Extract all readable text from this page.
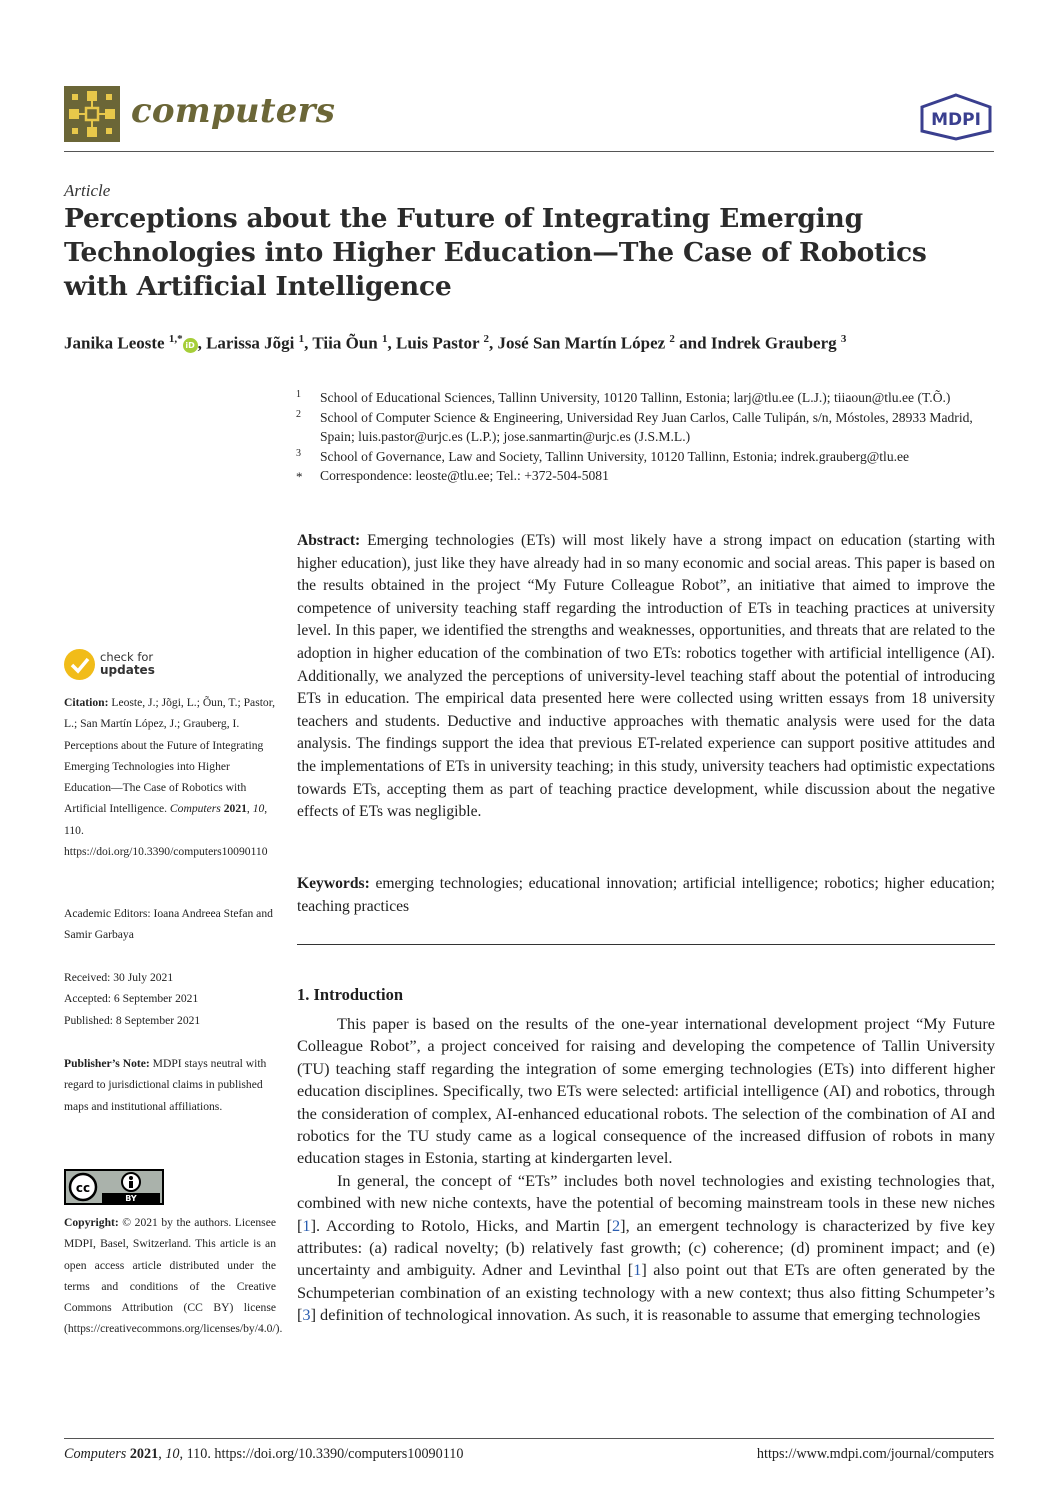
computers	MDPI
Article
Perceptions about the Future of Integrating Emerging Technologies into Higher Education—The Case of Robotics with Artificial Intelligence
Janika Leoste $^{1,*}$iD , Larissa Jõgi $^1$, Tiia Õun $^1$, Luis Pastor $^2$, José San Martín López $^2$ and Indrek Grauberg $^3$
1 School of Educational Sciences, Tallinn University, 10120 Tallinn, Estonia; larj@tlu.ee (L.J.); tiiaoun@tlu.ee (T.Õ.)
2 School of Computer Science & Engineering, Universidad Rey Juan Carlos, Calle Tulipán, s/n, Móstoles, 28933 Madrid, Spain; luis.pastor@urjc.es (L.P.); jose.sanmartin@urjc.es (J.S.M.L.)
3 School of Governance, Law and Society, Tallinn University, 10120 Tallinn, Estonia; indrek.grauberg@tlu.ee
* Correspondence: leoste@tlu.ee; Tel.: +372-504-5081
Abstract: Emerging technologies (ETs) will most likely have a strong impact on education (starting with higher education), just like they have already had in so many economic and social areas. This paper is based on the results obtained in the project “My Future Colleague Robot”, an initiative that aimed to improve the competence of university teaching staff regarding the introduction of ETs in teaching practices at university level. In this paper, we identified the strengths and weaknesses, opportunities, and threats that are related to the adoption in higher education of the combination of two ETs: robotics together with artificial intelligence (AI). Additionally, we analyzed the perceptions of university-level teaching staff about the potential of introducing ETs in education. The empirical data presented here were collected using written essays from 18 university teachers and students. Deductive and inductive approaches with thematic analysis were used for the data analysis. The findings support the idea that previous ET-related experience can support positive attitudes and the implementations of ETs in university teaching; in this study, university teachers had optimistic expectations towards ETs, accepting them as part of teaching practice development, while discussion about the negative effects of ETs was negligible.
Keywords: emerging technologies; educational innovation; artificial intelligence; robotics; higher education; teaching practices
1. Introduction

This paper is based on the results of the one-year international development project “My Future Colleague Robot”, a project conceived for raising and developing the competence of Tallin University (TU) teaching staff regarding the integration of some emerging technologies (ETs) into different higher education disciplines. Specifically, two ETs were selected: artificial intelligence (AI) and robotics, through the consideration of complex, AI-enhanced educational robots. The selection of the combination of AI and robotics for the TU study came as a logical consequence of the increased diffusion of robots in many education stages in Estonia, starting at kindergarten level.

In general, the concept of “ETs” includes both novel technologies and existing technologies that, combined with new niche contexts, have the potential of becoming mainstream tools in these new niches [1]. According to Rotolo, Hicks, and Martin [2], an emergent technology is characterized by five key attributes: (a) radical novelty; (b) relatively fast growth; (c) coherence; (d) prominent impact; and (e) uncertainty and ambiguity. Adner and Levinthal [1] also point out that ETs are often generated by the Schumpeterian combination of an existing technology with a new context; thus also fitting Schumpeter’s [3] definition of technological innovation. As such, it is reasonable to assume that emerging technologies

check for
updates
Citation: Leoste, J.; Jõgi, L.; Õun, T.; Pastor, L.; San Martín López, J.; Grauberg, I. Perceptions about the Future of Integrating Emerging Technologies into Higher Education—The Case of Robotics with Artificial Intelligence. Computers 2021, 10, 110. https://doi.org/10.3390/computers10090110
Academic Editors: Ioana Andreea Stefan and Samir Garbaya
Received: 30 July 2021
Accepted: 6 September 2021
Published: 8 September 2021
Publisher’s Note: MDPI stays neutral with regard to jurisdictional claims in published maps and institutional affiliations.
cc
BY
Copyright: © 2021 by the authors. Licensee MDPI, Basel, Switzerland. This article is an open access article distributed under the terms and conditions of the Creative Commons Attribution (CC BY) license (https://creativecommons.org/licenses/by/4.0/).
Computers 2021, 10, 110. https://doi.org/10.3390/computers10090110	https://www.mdpi.com/journal/computers
